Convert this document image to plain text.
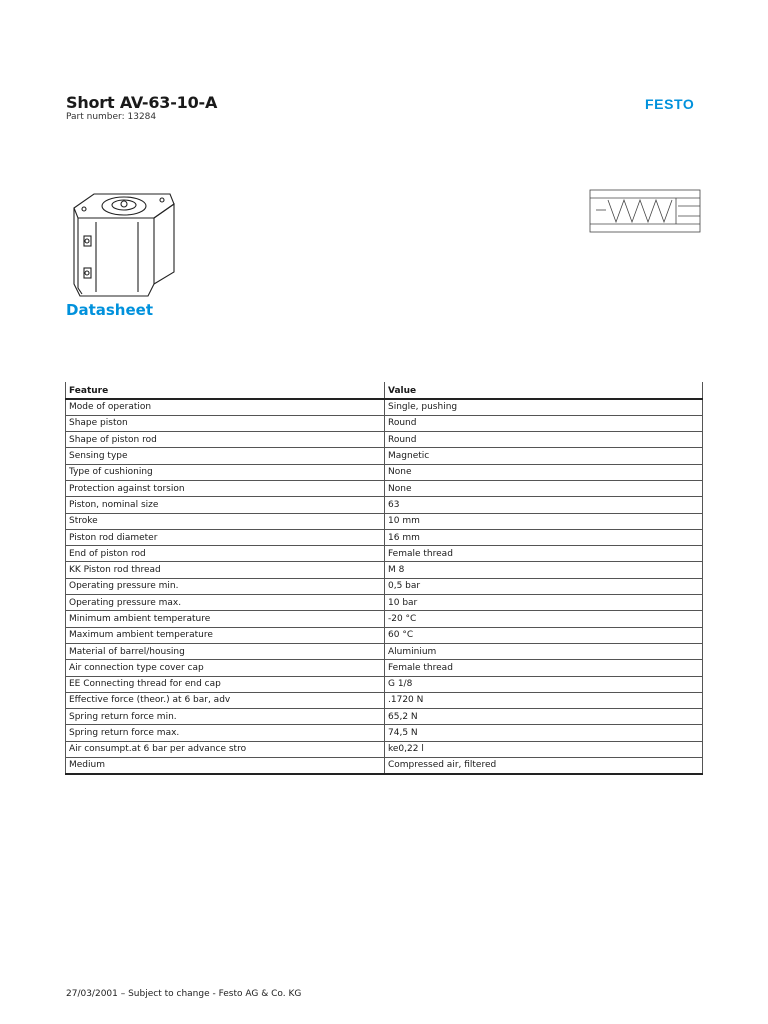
Short AV-63-10-A
Part number: 13284
FESTO
Datasheet
Feature	Value
Mode of operation	Single, pushing
Shape piston	Round
Shape of piston rod	Round
Sensing type	Magnetic
Type of cushioning	None
Protection against torsion	None
Piston, nominal size	63
Stroke	10 mm
Piston rod diameter	16 mm
End of piston rod	Female thread
KK Piston rod thread	M 8
Operating pressure min.	0,5 bar
Operating pressure max.	10 bar
Minimum ambient temperature	-20 °C
Maximum ambient temperature	60 °C
Material of barrel/housing	Aluminium
Air connection type cover cap	Female thread
EE Connecting thread for end cap	G 1/8
Effective force (theor.) at 6 bar, adv	.1720 N
Spring return force min.	65,2 N
Spring return force max.	74,5 N
Air consumpt.at 6 bar per advance stro	ke0,22 l
Medium	Compressed air, filtered
27/03/2001 – Subject to change - Festo AG & Co. KG
